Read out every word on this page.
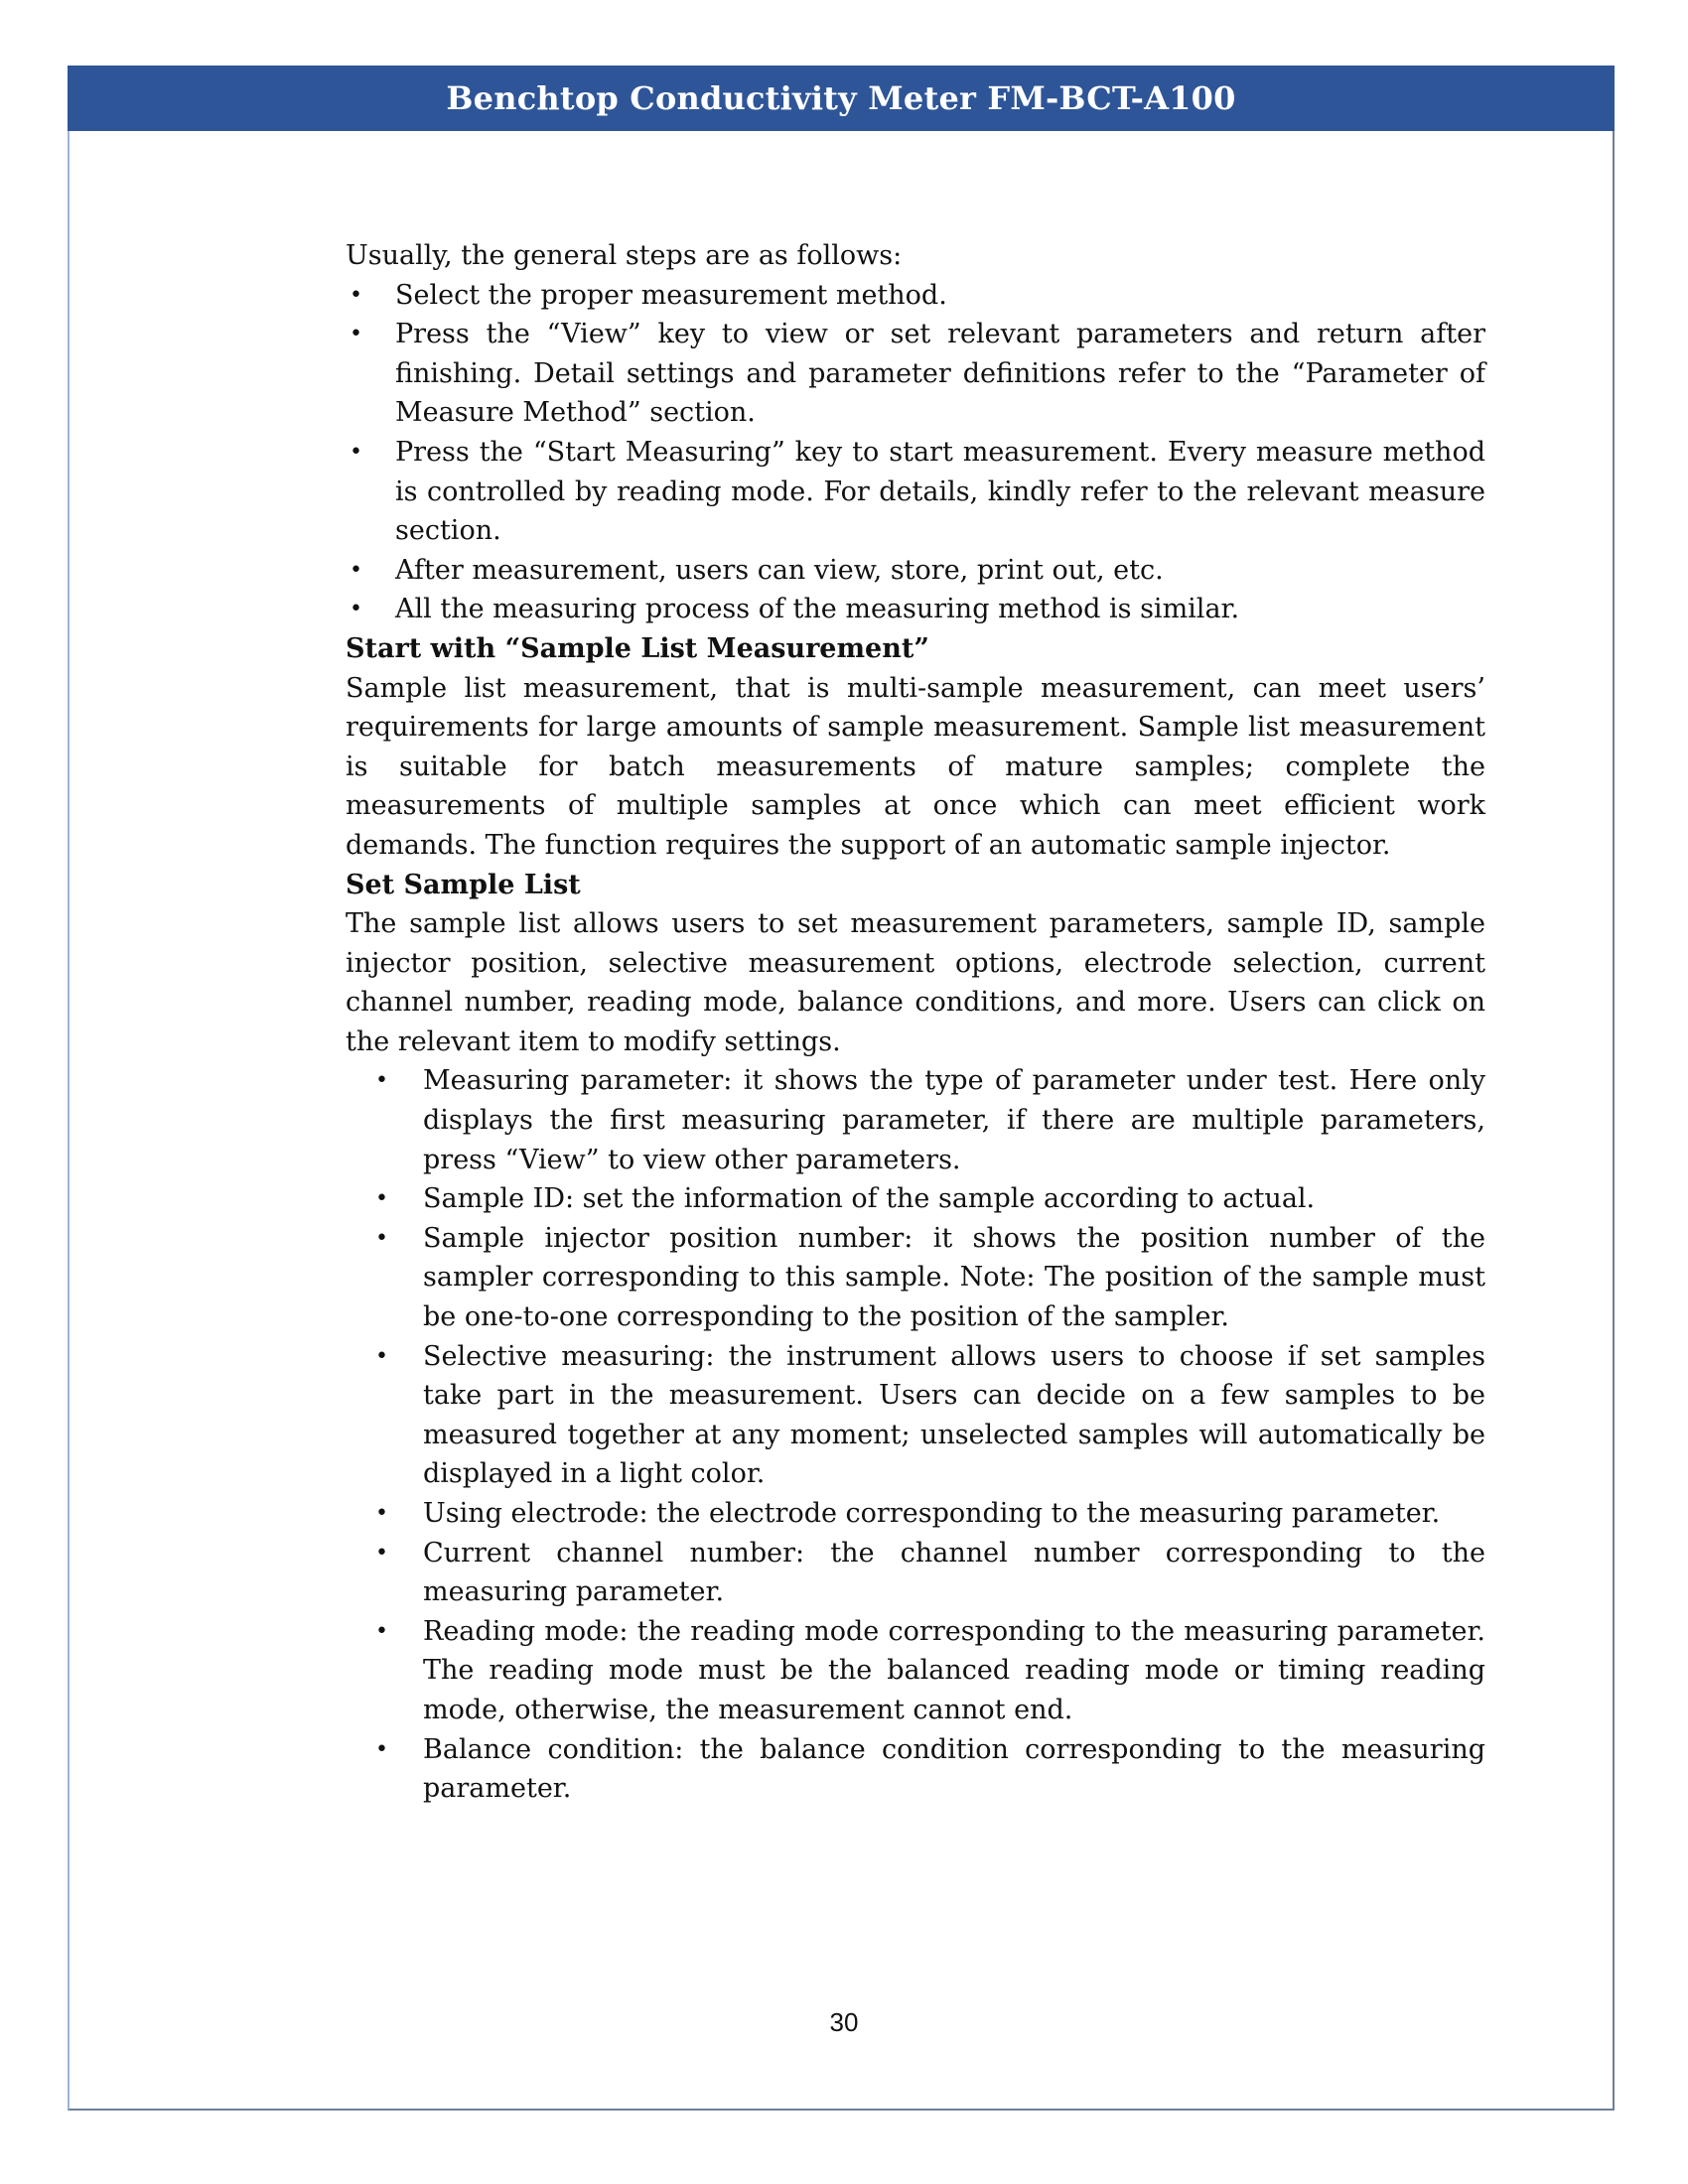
Benchtop Conductivity Meter FM-BCT-A100

Usually, the general steps are as follows:

• Select the proper measurement method.
• Press the “View” key to view or set relevant parameters and return after finishing. Detail settings and parameter definitions refer to the “Parameter of Measure Method” section.
• Press the “Start Measuring” key to start measurement. Every measure method is controlled by reading mode. For details, kindly refer to the relevant measure section.
• After measurement, users can view, store, print out, etc.
• All the measuring process of the measuring method is similar.

Start with “Sample List Measurement”

Sample list measurement, that is multi-sample measurement, can meet users’ requirements for large amounts of sample measurement. Sample list measurement is suitable for batch measurements of mature samples; complete the measurements of multiple samples at once which can meet efficient work demands. The function requires the support of an automatic sample injector.

Set Sample List

The sample list allows users to set measurement parameters, sample ID, sample injector position, selective measurement options, electrode selection, current channel number, reading mode, balance conditions, and more. Users can click on the relevant item to modify settings.

• Measuring parameter: it shows the type of parameter under test. Here only displays the first measuring parameter, if there are multiple parameters, press “View” to view other parameters.
• Sample ID: set the information of the sample according to actual.
• Sample injector position number: it shows the position number of the sampler corresponding to this sample. Note: The position of the sample must be one-to-one corresponding to the position of the sampler.
• Selective measuring: the instrument allows users to choose if set samples take part in the measurement. Users can decide on a few samples to be measured together at any moment; unselected samples will automatically be displayed in a light color.
• Using electrode: the electrode corresponding to the measuring parameter.
• Current channel number: the channel number corresponding to the measuring parameter.
• Reading mode: the reading mode corresponding to the measuring parameter. The reading mode must be the balanced reading mode or timing reading mode, otherwise, the measurement cannot end.
• Balance condition: the balance condition corresponding to the measuring parameter.
30
